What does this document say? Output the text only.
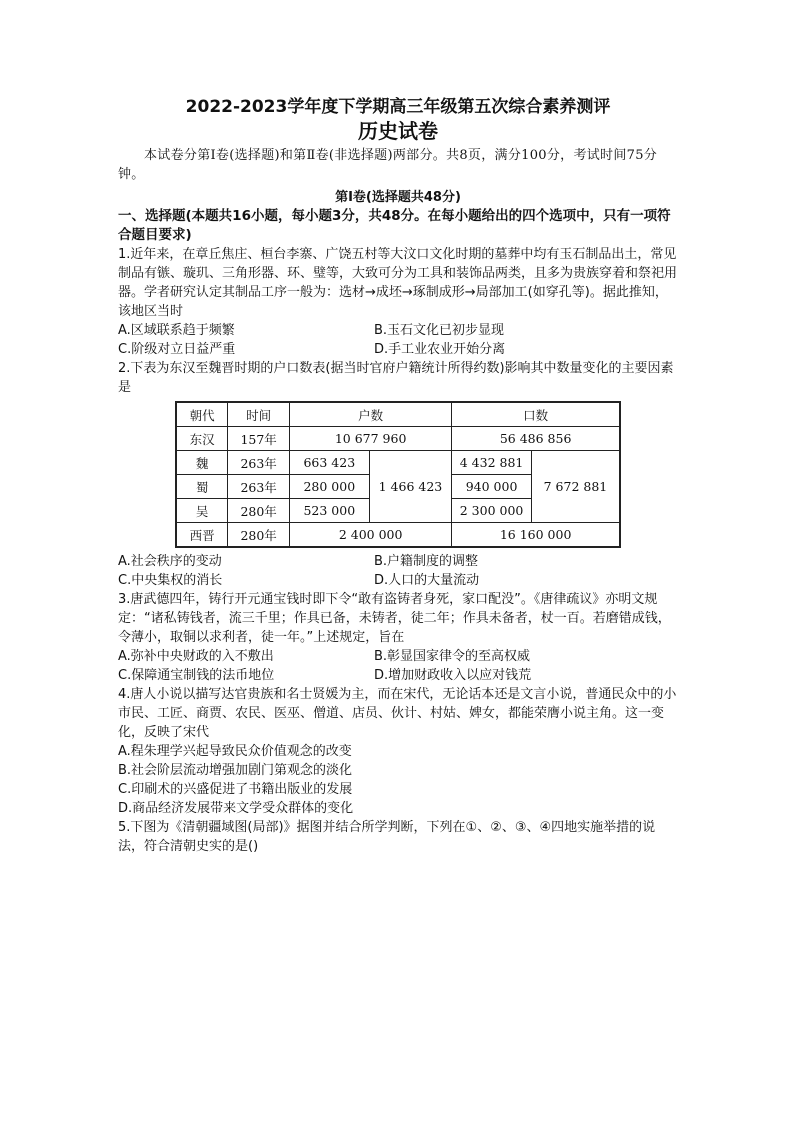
2022-2023学年度下学期高三年级第五次综合素养测评

历史试卷

本试卷分第Ⅰ卷(选择题)和第Ⅱ卷(非选择题)两部分。共8页，满分100分，考试时间75分钟。

第Ⅰ卷(选择题共48分)

一、选择题(本题共16小题，每小题3分，共48分。在每小题给出的四个选项中，只有一项符合题目要求)

1.近年来，在章丘焦庄、桓台李寨、广饶五村等大汶口文化时期的墓葬中均有玉石制品出土，常见制品有镞、璇玑、三角形器、环、璧等，大致可分为工具和装饰品两类，且多为贵族穿着和祭祀用器。学者研究认定其制品工序一般为：选材→成坯→琢制成形→局部加工(如穿孔等)。据此推知，该地区当时

A.区域联系趋于频繁	B.玉石文化已初步显现
C.阶级对立日益严重	D.手工业农业开始分离

2.下表为东汉至魏晋时期的户口数表(据当时官府户籍统计所得约数)影响其中数量变化的主要因素是

朝代	时间	户数		口数	
东汉	157年	10 677 960		56 486 856	
魏	263年	663 423	1 466 423	4 432 881	7 672 881
蜀	263年	280 000		940 000	
吴	280年	523 000		2 300 000	
西晋	280年	2 400 000		16 160 000	
A.社会秩序的变动	B.户籍制度的调整
C.中央集权的消长	D.人口的大量流动

3.唐武德四年，铸行开元通宝钱时即下令“敢有盗铸者身死，家口配没”。《唐律疏议》亦明文规定：“诸私铸钱者，流三千里；作具已备，未铸者，徒二年；作具未备者，杖一百。若磨错成钱，令薄小，取铜以求利者，徒一年。”上述规定，旨在

A.弥补中央财政的入不敷出	B.彰显国家律令的至高权威
C.保障通宝制钱的法币地位	D.增加财政收入以应对钱荒

4.唐人小说以描写达官贵族和名士贤媛为主，而在宋代，无论话本还是文言小说，普通民众中的小市民、工匠、商贾、农民、医巫、僧道、店员、伙计、村姑、婢女，都能荣膺小说主角。这一变化，反映了宋代

A.程朱理学兴起导致民众价值观念的改变

B.社会阶层流动增强加剧门第观念的淡化

C.印刷术的兴盛促进了书籍出版业的发展

D.商品经济发展带来文学受众群体的变化

5.下图为《清朝疆域图(局部)》据图并结合所学判断，下列在①、②、③、④四地实施举措的说法，符合清朝史实的是()
